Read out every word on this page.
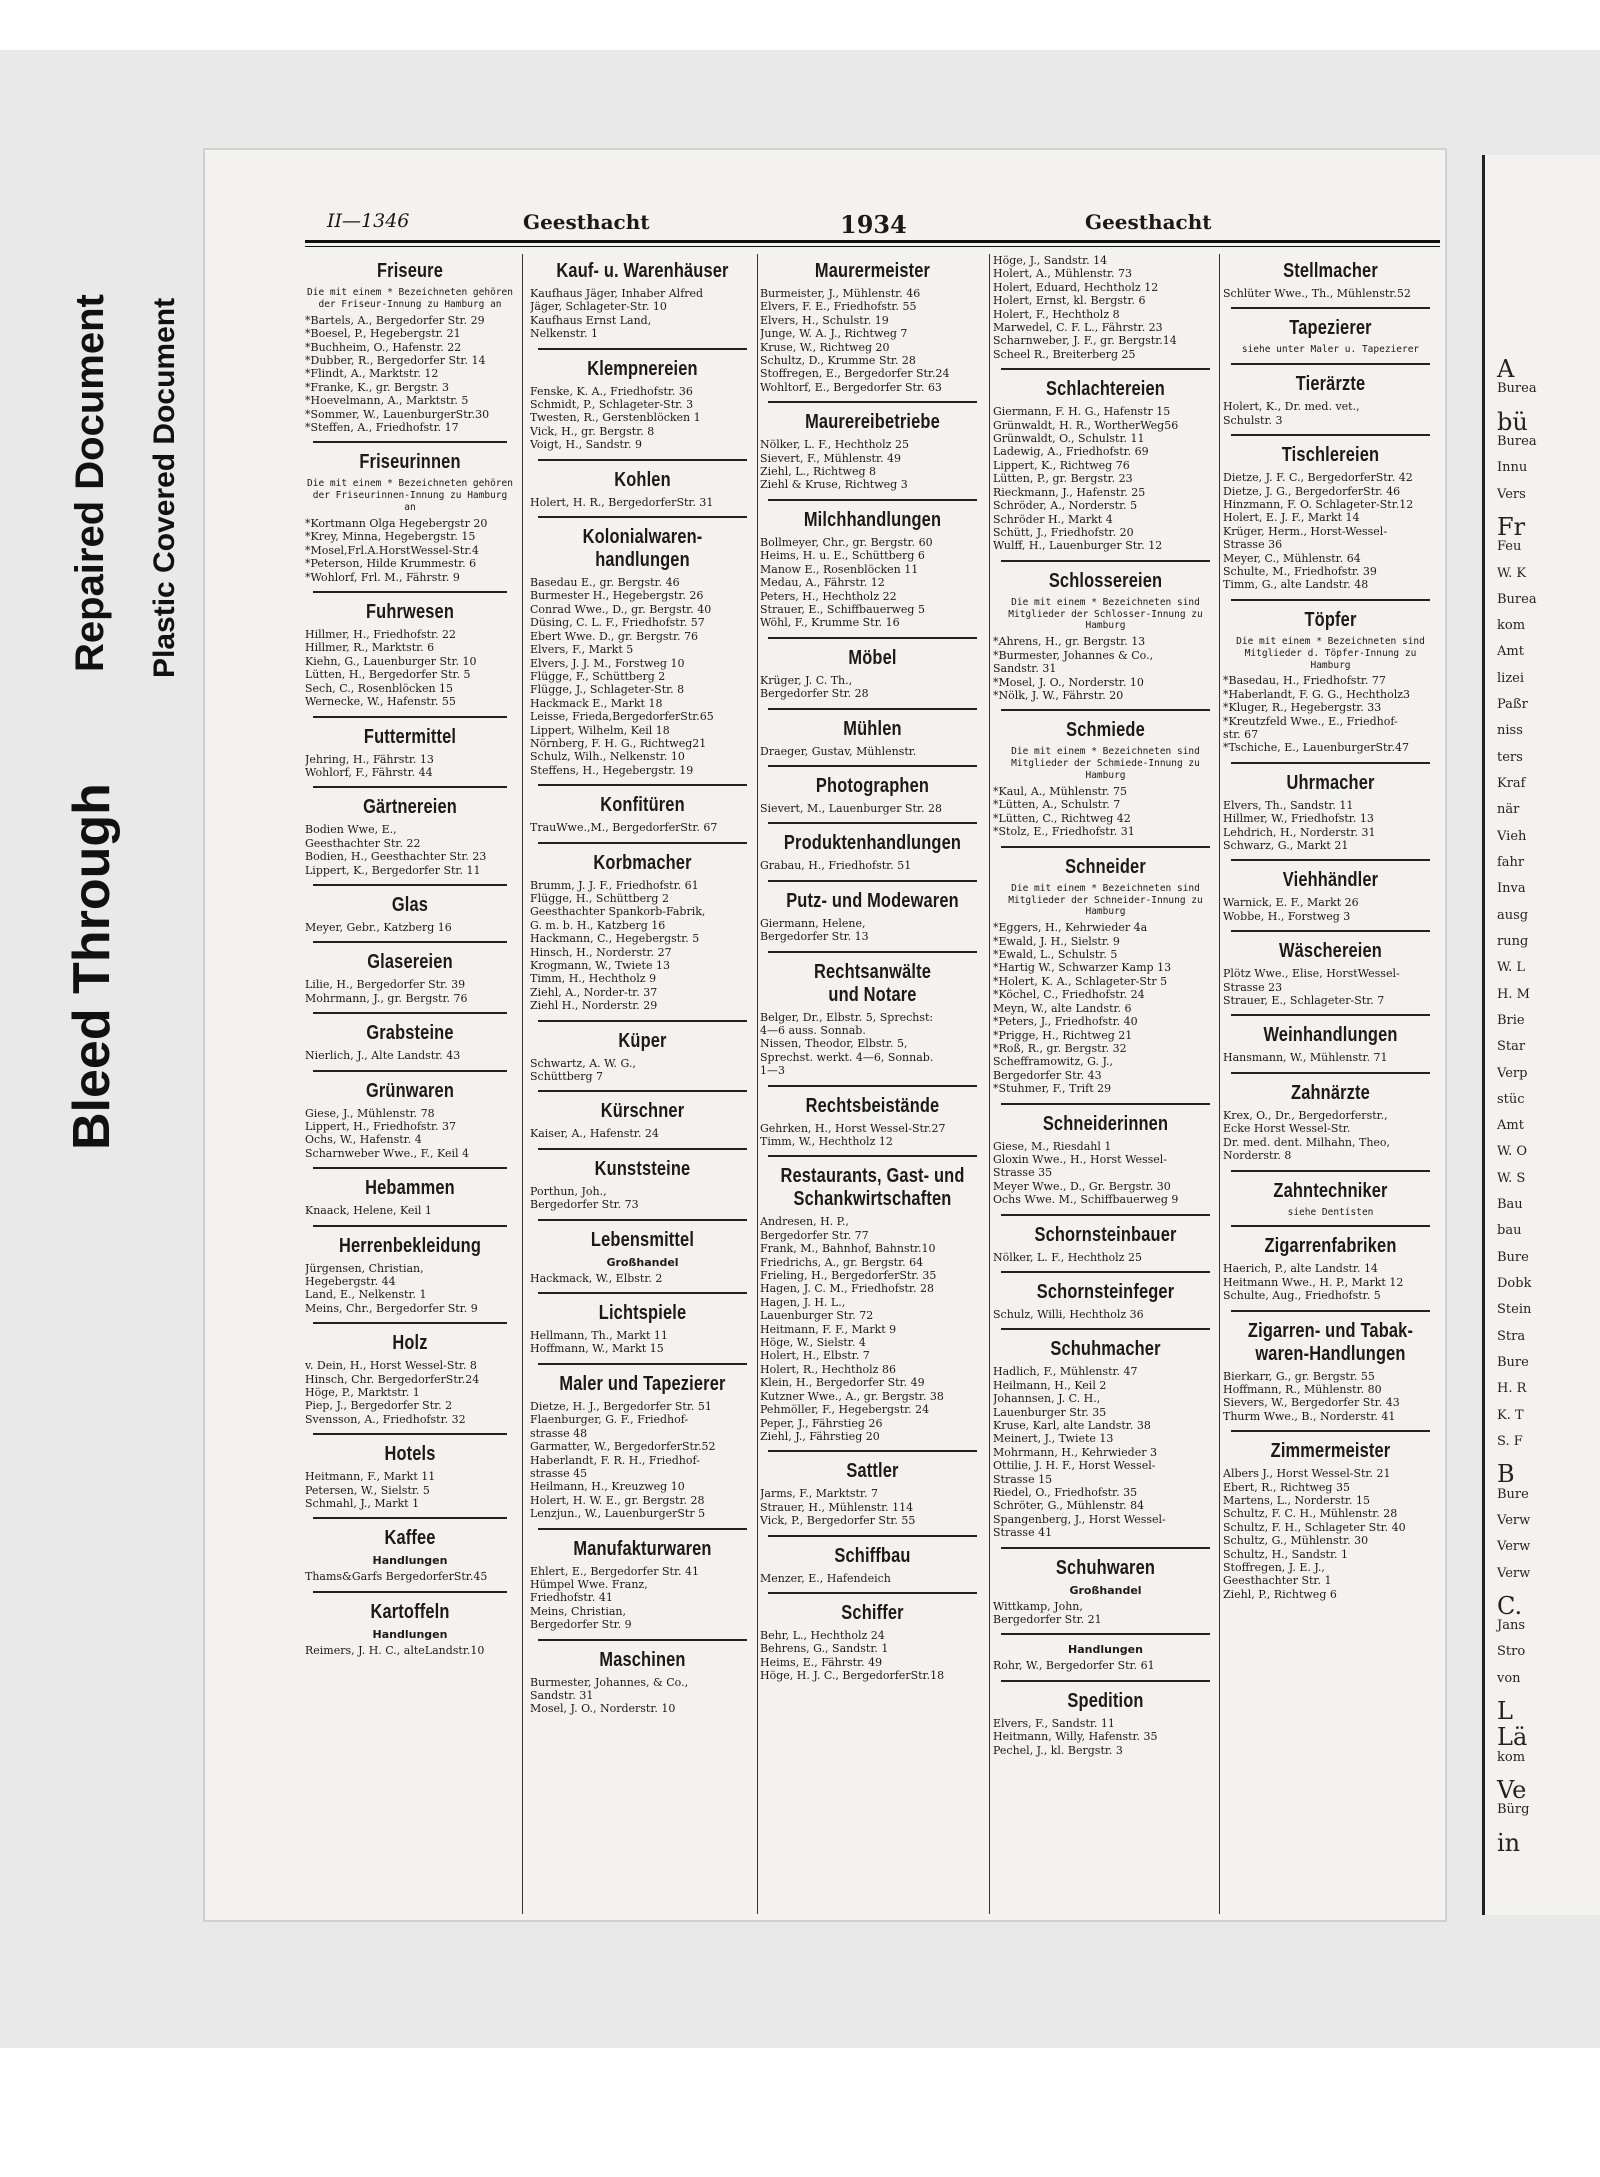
Bleed Through
Repaired Document Plastic Covered Document
II—1346	Geesthacht	1934	Geesthacht
Friseure
Die mit einem * Bezeichneten gehören der Friseur-Innung zu Hamburg an
*Bartels, A., Bergedorfer Str. 29
*Boesel, P., Hegebergstr. 21
*Buchheim, O., Hafenstr. 22
*Dubber, R., Bergedorfer Str. 14
*Flindt, A., Marktstr. 12
*Franke, K., gr. Bergstr. 3
*Hoevelmann, A., Marktstr. 5
*Sommer, W., LauenburgerStr.30
*Steffen, A., Friedhofstr. 17
Friseurinnen
Die mit einem * Bezeichneten gehören der Friseurinnen-Innung zu Hamburg an
*Kortmann Olga Hegebergstr 20
*Krey, Minna, Hegebergstr. 15
*Mosel,Frl.A.HorstWessel-Str.4
*Peterson, Hilde Krummestr. 6
*Wohlorf, Frl. M., Fährstr. 9
Fuhrwesen
Hillmer, H., Friedhofstr. 22
Hillmer, R., Marktstr. 6
Kiehn, G., Lauenburger Str. 10
Lütten, H., Bergedorfer Str. 5
Sech, C., Rosenblöcken 15
Wernecke, W., Hafenstr. 55
Futtermittel
Jehring, H., Fährstr. 13
Wohlorf, F., Fährstr. 44
Gärtnereien
Bodien Wwe, E.,
Geesthachter Str. 22
Bodien, H., Geesthachter Str. 23
Lippert, K., Bergedorfer Str. 11
Glas
Meyer, Gebr., Katzberg 16
Glasereien
Lilie, H., Bergedorfer Str. 39
Mohrmann, J., gr. Bergstr. 76
Grabsteine
Nierlich, J., Alte Landstr. 43
Grünwaren
Giese, J., Mühlenstr. 78
Lippert, H., Friedhofstr. 37
Ochs, W., Hafenstr. 4
Scharnweber Wwe., F., Keil 4
Hebammen
Knaack, Helene, Keil 1
Herrenbekleidung
Jürgensen, Christian,
Hegebergstr. 44
Land, E., Nelkenstr. 1
Meins, Chr., Bergedorfer Str. 9
Holz
v. Dein, H., Horst Wessel-Str. 8
Hinsch, Chr. BergedorferStr.24
Höge, P., Marktstr. 1
Piep, J., Bergedorfer Str. 2
Svensson, A., Friedhofstr. 32
Hotels
Heitmann, F., Markt 11
Petersen, W., Sielstr. 5
Schmahl, J., Markt 1
Kaffee
Handlungen
Thams&Garfs BergedorferStr.45
Kartoffeln
Handlungen
Reimers, J. H. C., alteLandstr.10
Kauf- u. Warenhäuser
Kaufhaus Jäger, Inhaber Alfred
Jäger, Schlageter-Str. 10
Kaufhaus Ernst Land,
Nelkenstr. 1
Klempnereien
Fenske, K. A., Friedhofstr. 36
Schmidt, P., Schlageter-Str. 3
Twesten, R., Gerstenblöcken 1
Vick, H., gr. Bergstr. 8
Voigt, H., Sandstr. 9
Kohlen
Holert, H. R., BergedorferStr. 31
Kolonialwaren-
handlungen
Basedau E., gr. Bergstr. 46
Burmester H., Hegebergstr. 26
Conrad Wwe., D., gr. Bergstr. 40
Düsing, C. L. F., Friedhofstr. 57
Ebert Wwe. D., gr. Bergstr. 76
Elvers, F., Markt 5
Elvers, J. J. M., Forstweg 10
Flügge, F., Schüttberg 2
Flügge, J., Schlageter-Str. 8
Hackmack E., Markt 18
Leisse, Frieda,BergedorferStr.65
Lippert, Wilhelm, Keil 18
Nörnberg, F. H. G., Richtweg21
Schulz, Wilh., Nelkenstr. 10
Steffens, H., Hegebergstr. 19
Konfitüren
TrauWwe.,M., BergedorferStr. 67
Korbmacher
Brumm, J. J. F., Friedhofstr. 61
Flügge, H., Schüttberg 2
Geesthachter Spankorb-Fabrik,
G. m. b. H., Katzberg 16
Hackmann, C., Hegebergstr. 5
Hinsch, H., Norderstr. 27
Krogmann, W., Twiete 13
Timm, H., Hechtholz 9
Ziehl, A., Norder-tr. 37
Ziehl H., Norderstr. 29
Küper
Schwartz, A. W. G.,
Schüttberg 7
Kürschner
Kaiser, A., Hafenstr. 24
Kunststeine
Porthun, Joh.,
Bergedorfer Str. 73
Lebensmittel
Großhandel
Hackmack, W., Elbstr. 2
Lichtspiele
Hellmann, Th., Markt 11
Hoffmann, W., Markt 15
Maler und Tapezierer
Dietze, H. J., Bergedorfer Str. 51
Flaenburger, G. F., Friedhof-
strasse 48
Garmatter, W., BergedorferStr.52
Haberlandt, F. R. H., Friedhof-
strasse 45
Heilmann, H., Kreuzweg 10
Holert, H. W. E., gr. Bergstr. 28
Lenzjun., W., LauenburgerStr 5
Manufakturwaren
Ehlert, E., Bergedorfer Str. 41
Hümpel Wwe. Franz,
Friedhofstr. 41
Meins, Christian,
Bergedorfer Str. 9
Maschinen
Burmester, Johannes, & Co.,
Sandstr. 31
Mosel, J. O., Norderstr. 10
Maurermeister
Burmeister, J., Mühlenstr. 46
Elvers, F. E., Friedhofstr. 55
Elvers, H., Schulstr. 19
Junge, W. A. J., Richtweg 7
Kruse, W., Richtweg 20
Schultz, D., Krumme Str. 28
Stoffregen, E., Bergedorfer Str.24
Wohltorf, E., Bergedorfer Str. 63
Maurereibetriebe
Nölker, L. F., Hechtholz 25
Sievert, F., Mühlenstr. 49
Ziehl, L., Richtweg 8
Ziehl & Kruse, Richtweg 3
Milchhandlungen
Bollmeyer, Chr., gr. Bergstr. 60
Heims, H. u. E., Schüttberg 6
Manow E., Rosenblöcken 11
Medau, A., Fährstr. 12
Peters, H., Hechtholz 22
Strauer, E., Schiffbauerweg 5
Wöhl, F., Krumme Str. 16
Möbel
Krüger, J. C. Th.,
Bergedorfer Str. 28
Mühlen
Draeger, Gustav, Mühlenstr.
Photographen
Sievert, M., Lauenburger Str. 28
Produktenhandlungen
Grabau, H., Friedhofstr. 51
Putz- und Modewaren
Giermann, Helene,
Bergedorfer Str. 13
Rechtsanwälte
und Notare
Belger, Dr., Elbstr. 5, Sprechst:
4—6 auss. Sonnab.
Nissen, Theodor, Elbstr. 5,
Sprechst. werkt. 4—6, Sonnab.
1—3
Rechtsbeistände
Gehrken, H., Horst Wessel-Str.27
Timm, W., Hechtholz 12
Restaurants, Gast- und
Schankwirtschaften
Andresen, H. P.,
Bergedorfer Str. 77
Frank, M., Bahnhof, Bahnstr.10
Friedrichs, A., gr. Bergstr. 64
Frieling, H., BergedorferStr. 35
Hagen, J. C. M., Friedhofstr. 28
Hagen, J. H. L.,
Lauenburger Str. 72
Heitmann, F. F., Markt 9
Höge, W., Sielstr. 4
Holert, H., Elbstr. 7
Holert, R., Hechtholz 86
Klein, H., Bergedorfer Str. 49
Kutzner Wwe., A., gr. Bergstr. 38
Pehmöller, F., Hegebergstr. 24
Peper, J., Fährstieg 26
Ziehl, J., Fährstieg 20
Sattler
Jarms, F., Marktstr. 7
Strauer, H., Mühlenstr. 114
Vick, P., Bergedorfer Str. 55
Schiffbau
Menzer, E., Hafendeich
Schiffer
Behr, L., Hechtholz 24
Behrens, G., Sandstr. 1
Heims, E., Fährstr. 49
Höge, H. J. C., BergedorferStr.18
Höge, J., Sandstr. 14
Holert, A., Mühlenstr. 73
Holert, Eduard, Hechtholz 12
Holert, Ernst, kl. Bergstr. 6
Holert, F., Hechtholz 8
Marwedel, C. F. L., Fährstr. 23
Scharnweber, J. F., gr. Bergstr.14
Scheel R., Breiterberg 25
Schlachtereien
Giermann, F. H. G., Hafenstr 15
Grünwaldt, H. R., WortherWeg56
Grünwaldt, O., Schulstr. 11
Ladewig, A., Friedhofstr. 69
Lippert, K., Richtweg 76
Lütten, P., gr. Bergstr. 23
Rieckmann, J., Hafenstr. 25
Schröder, A., Norderstr. 5
Schröder H., Markt 4
Schütt, J., Friedhofstr. 20
Wulff, H., Lauenburger Str. 12
Schlossereien
Die mit einem * Bezeichneten sind Mitglieder der Schlosser-Innung zu Hamburg
*Ahrens, H., gr. Bergstr. 13
*Burmester, Johannes & Co.,
Sandstr. 31
*Mosel, J. O., Norderstr. 10
*Nölk, J. W., Fährstr. 20
Schmiede
Die mit einem * Bezeichneten sind Mitglieder der Schmiede-Innung zu Hamburg
*Kaul, A., Mühlenstr. 75
*Lütten, A., Schulstr. 7
*Lütten, C., Richtweg 42
*Stolz, E., Friedhofstr. 31
Schneider
Die mit einem * Bezeichneten sind Mitglieder der Schneider-Innung zu Hamburg
*Eggers, H., Kehrwieder 4a
*Ewald, J. H., Sielstr. 9
*Ewald, L., Schulstr. 5
*Hartig W., Schwarzer Kamp 13
*Holert, K. A., Schlageter-Str 5
*Köchel, C., Friedhofstr. 24
Meyn, W., alte Landstr. 6
*Peters, J., Friedhofstr. 40
*Prigge, H., Richtweg 21
*Roß, R., gr. Bergstr. 32
Schefframowitz, G. J.,
Bergedorfer Str. 43
*Stuhmer, F., Trift 29
Schneiderinnen
Giese, M., Riesdahl 1
Gloxin Wwe., H., Horst Wessel-
Strasse 35
Meyer Wwe., D., Gr. Bergstr. 30
Ochs Wwe. M., Schiffbauerweg 9
Schornsteinbauer
Nölker, L. F., Hechtholz 25
Schornsteinfeger
Schulz, Willi, Hechtholz 36
Schuhmacher
Hadlich, F., Mühlenstr. 47
Heilmann, H., Keil 2
Johannsen, J. C. H.,
Lauenburger Str. 35
Kruse, Karl, alte Landstr. 38
Meinert, J., Twiete 13
Mohrmann, H., Kehrwieder 3
Ottilie, J. H. F., Horst Wessel-
Strasse 15
Riedel, O., Friedhofstr. 35
Schröter, G., Mühlenstr. 84
Spangenberg, J., Horst Wessel-
Strasse 41
Schuhwaren
Großhandel
Wittkamp, John,
Bergedorfer Str. 21
Handlungen
Rohr, W., Bergedorfer Str. 61
Spedition
Elvers, F., Sandstr. 11
Heitmann, Willy, Hafenstr. 35
Pechel, J., kl. Bergstr. 3
Stellmacher
Schlüter Wwe., Th., Mühlenstr.52
Tapezierer
siehe unter Maler u. Tapezierer
Tierärzte
Holert, K., Dr. med. vet.,
Schulstr. 3
Tischlereien
Dietze, J. F. C., BergedorferStr. 42
Dietze, J. G., BergedorferStr. 46
Hinzmann, F. O. Schlageter-Str.12
Holert, E. J. F., Markt 14
Krüger, Herm., Horst-Wessel-
Strasse 36
Meyer, C., Mühlenstr. 64
Schulte, M., Friedhofstr. 39
Timm, G., alte Landstr. 48
Töpfer
Die mit einem * Bezeichneten sind Mitglieder d. Töpfer-Innung zu Hamburg
*Basedau, H., Friedhofstr. 77
*Haberlandt, F. G. G., Hechtholz3
*Kluger, R., Hegebergstr. 33
*Kreutzfeld Wwe., E., Friedhof-
str. 67
*Tschiche, E., LauenburgerStr.47
Uhrmacher
Elvers, Th., Sandstr. 11
Hillmer, W., Friedhofstr. 13
Lehdrich, H., Norderstr. 31
Schwarz, G., Markt 21
Viehhändler
Warnick, E. F., Markt 26
Wobbe, H., Forstweg 3
Wäschereien
Plötz Wwe., Elise, HorstWessel-
Strasse 23
Strauer, E., Schlageter-Str. 7
Weinhandlungen
Hansmann, W., Mühlenstr. 71
Zahnärzte
Krex, O., Dr., Bergedorferstr.,
Ecke Horst Wessel-Str.
Dr. med. dent. Milhahn, Theo,
Norderstr. 8
Zahntechniker
siehe Dentisten
Zigarrenfabriken
Haerich, P., alte Landstr. 14
Heitmann Wwe., H. P., Markt 12
Schulte, Aug., Friedhofstr. 5
Zigarren- und Tabak-
waren-Handlungen
Bierkarr, G., gr. Bergstr. 55
Hoffmann, R., Mühlenstr. 80
Sievers, W., Bergedorfer Str. 43
Thurm Wwe., B., Norderstr. 41
Zimmermeister
Albers J., Horst Wessel-Str. 21
Ebert, R., Richtweg 35
Martens, L., Norderstr. 15
Schultz, F. C. H., Mühlenstr. 28
Schultz, F. H., Schlageter Str. 40
Schultz, G., Mühlenstr. 30
Schultz, H., Sandstr. 1
Stoffregen, J. E. J.,
Geesthachter Str. 1
Ziehl, P., Richtweg 6
A
Burea
bü
Burea
Innu
Vers
Fr
Feu
W. K
Burea
kom
Amt
lizei
Paßr
niss
ters
Kraf
när
Vieh
fahr
Inva
ausg
rung
W. L
H. M
Brie
Star
Verp
stüc
Amt
W. O
W. S
Bau
bau
Bure
Dobk
Stein
Stra
Bure
H. R
K. T
S. F
B
Bure
Verw
Verw
Verw
C.
Jans
Stro
von
L
Lä
kom
Ve
Bürg
in
